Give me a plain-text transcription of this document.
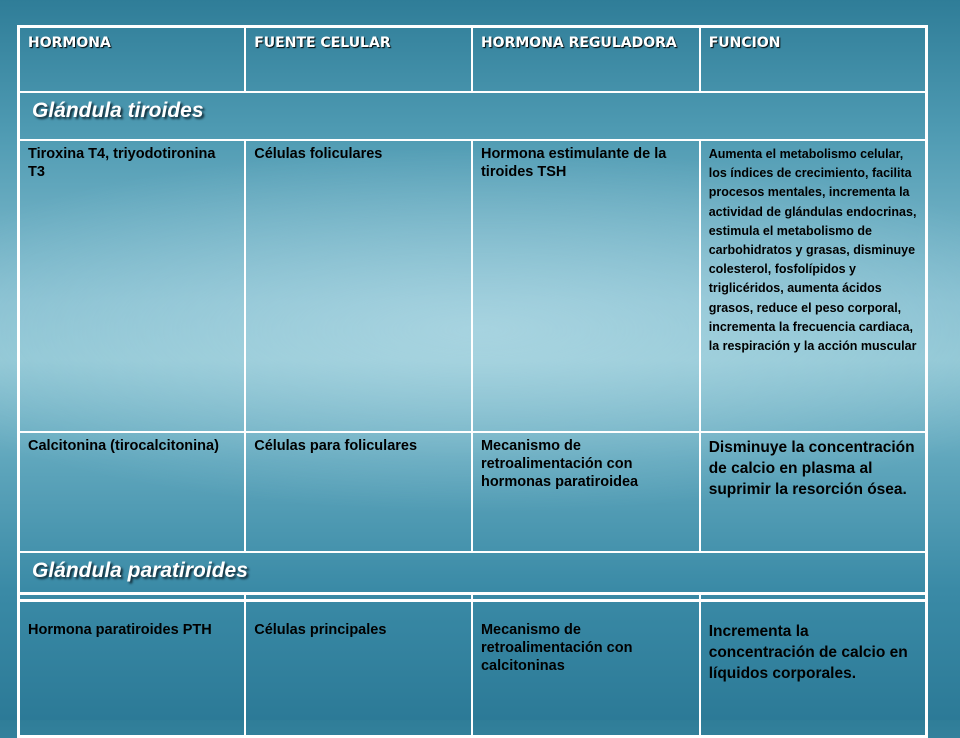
HORMONA	FUENTE CELULAR	HORMONA REGULADORA	FUNCION
Glándula tiroides			
Tiroxina T4, triyodotironina T3	Células foliculares	Hormona estimulante de la tiroides TSH	Aumenta el metabolismo celular, los índices de crecimiento, facilita procesos mentales, incrementa la actividad de glándulas endocrinas, estimula el metabolismo de carbohidratos y grasas, disminuye colesterol, fosfolípidos y triglicéridos, aumenta ácidos grasos, reduce el peso corporal, incrementa la frecuencia cardiaca, la respiración y la acción muscular
Calcitonina (tirocalcitonina)	Células para foliculares	Mecanismo de retroalimentación con hormonas paratiroidea	Disminuye la concentración de calcio en plasma al suprimir la resorción ósea.
Glándula paratiroides			
Hormona paratiroides PTH	Células principales	Mecanismo de retroalimentación con calcitoninas	Incrementa la concentración de calcio en líquidos corporales.
